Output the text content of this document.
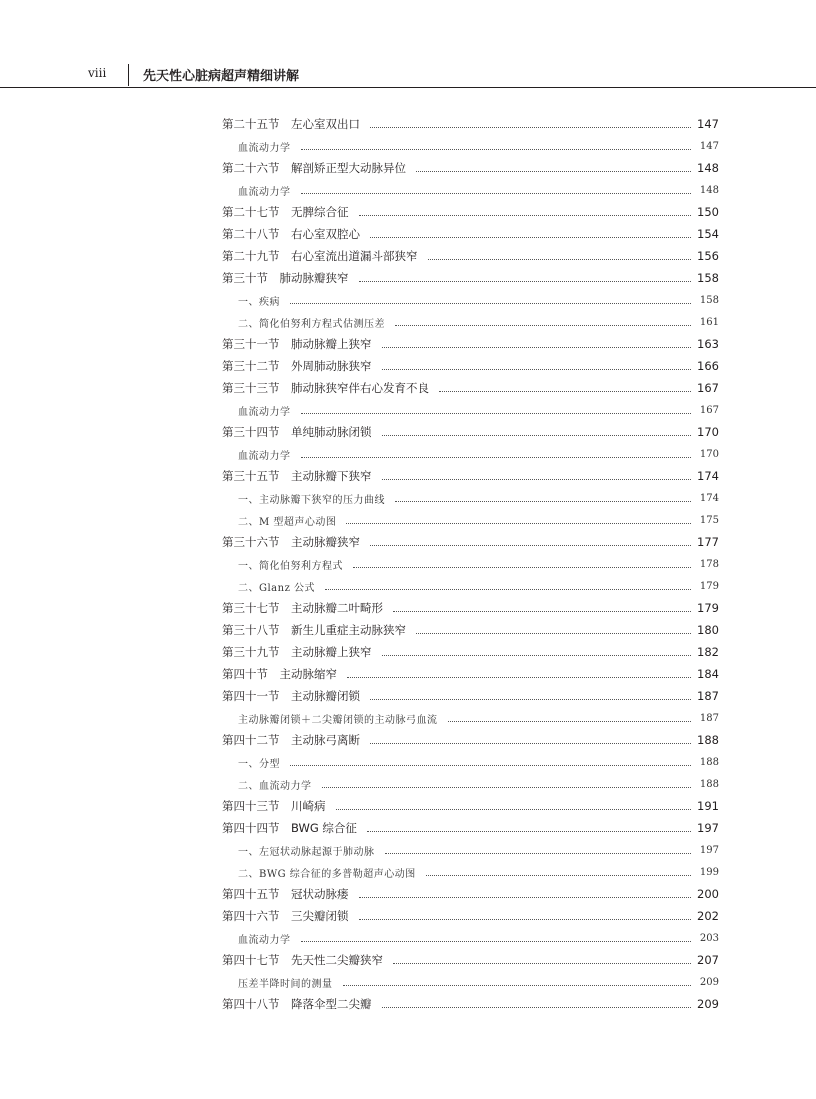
viii	先天性心脏病超声精细讲解
第二十五节　左心室双出口	147
血流动力学	147
第二十六节　解剖矫正型大动脉异位	148
血流动力学	148
第二十七节　无脾综合征	150
第二十八节　右心室双腔心	154
第二十九节　右心室流出道漏斗部狭窄	156
第三十节　肺动脉瓣狭窄	158
一、疾病	158
二、简化伯努利方程式估测压差	161
第三十一节　肺动脉瓣上狭窄	163
第三十二节　外周肺动脉狭窄	166
第三十三节　肺动脉狭窄伴右心发育不良	167
血流动力学	167
第三十四节　单纯肺动脉闭锁	170
血流动力学	170
第三十五节　主动脉瓣下狭窄	174
一、主动脉瓣下狭窄的压力曲线	174
二、M 型超声心动图	175
第三十六节　主动脉瓣狭窄	177
一、简化伯努利方程式	178
二、Glanz 公式	179
第三十七节　主动脉瓣二叶畸形	179
第三十八节　新生儿重症主动脉狭窄	180
第三十九节　主动脉瓣上狭窄	182
第四十节　主动脉缩窄	184
第四十一节　主动脉瓣闭锁	187
主动脉瓣闭锁＋二尖瓣闭锁的主动脉弓血流	187
第四十二节　主动脉弓离断	188
一、分型	188
二、血流动力学	188
第四十三节　川崎病	191
第四十四节　BWG 综合征	197
一、左冠状动脉起源于肺动脉	197
二、BWG 综合征的多普勒超声心动图	199
第四十五节　冠状动脉瘘	200
第四十六节　三尖瓣闭锁	202
血流动力学	203
第四十七节　先天性二尖瓣狭窄	207
压差半降时间的测量	209
第四十八节　降落伞型二尖瓣	209
